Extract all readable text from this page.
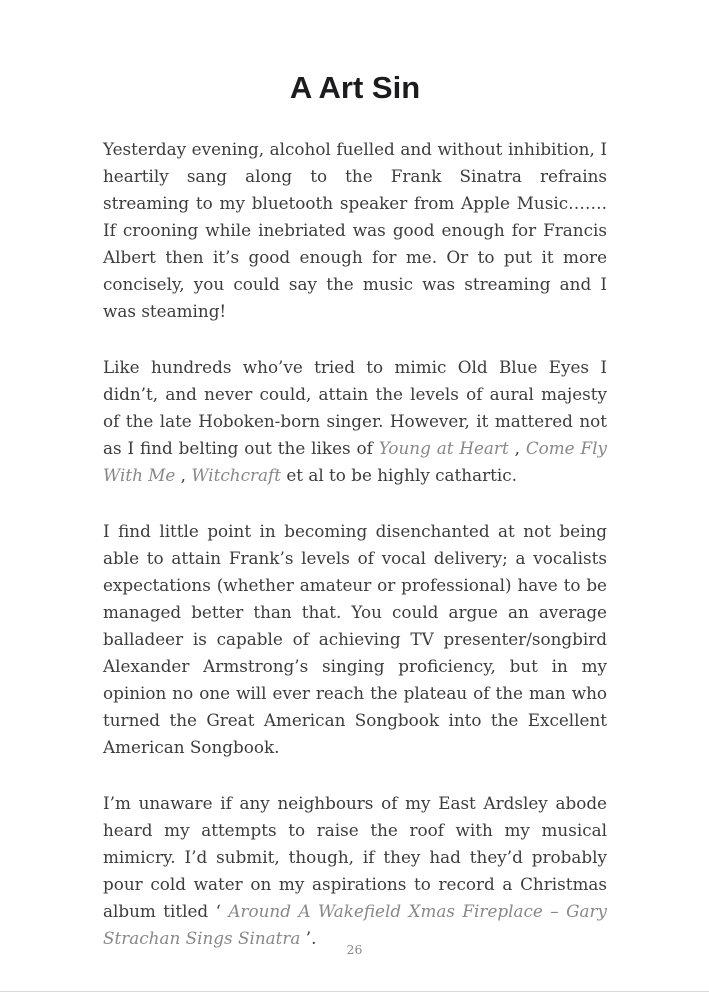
A Art Sin

Yesterday evening, alcohol fuelled and without inhibition, I heartily sang along to the Frank Sinatra refrains streaming to my bluetooth speaker from Apple Music……. If crooning while inebriated was good enough for Francis Albert then it’s good enough for me. Or to put it more concisely, you could say the music was streaming and I was steaming!

Like hundreds who’ve tried to mimic Old Blue Eyes I didn’t, and never could, attain the levels of aural majesty of the late Hoboken-born singer. However, it mattered not as I find belting out the likes of Young at Heart , Come Fly With Me , Witchcraft et al to be highly cathartic.

I find little point in becoming disenchanted at not being able to attain Frank’s levels of vocal delivery; a vocalists expectations (whether amateur or professional) have to be managed better than that. You could argue an average balladeer is capable of achieving TV presenter/songbird Alexander Armstrong’s singing proficiency, but in my opinion no one will ever reach the plateau of the man who turned the Great American Songbook into the Excellent American Songbook.

I’m unaware if any neighbours of my East Ardsley abode heard my attempts to raise the roof with my musical mimicry. I’d submit, though, if they had they’d probably pour cold water on my aspirations to record a Christmas album titled ‘ Around A Wakefield Xmas Fireplace – Gary Strachan Sings Sinatra ’.

26
